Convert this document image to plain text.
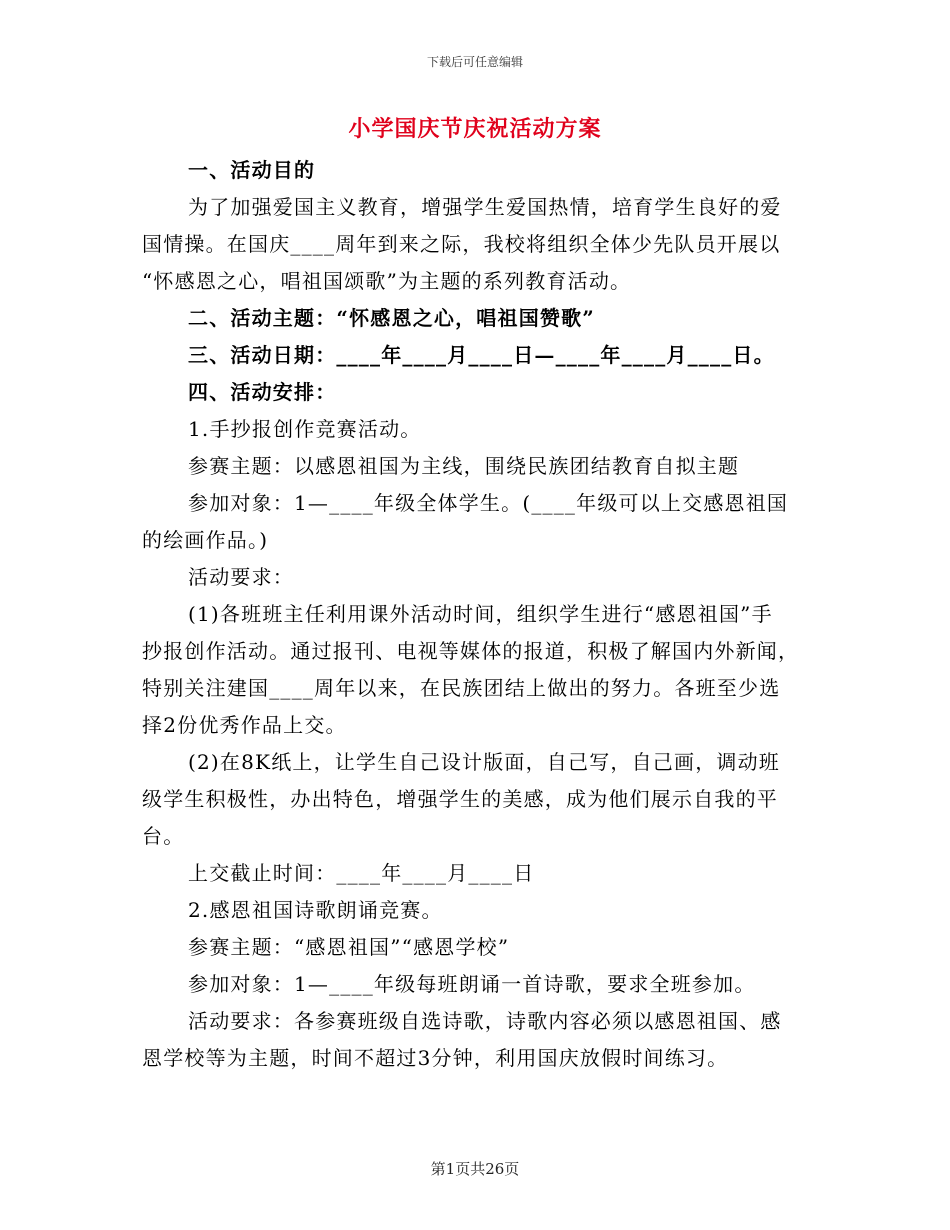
下载后可任意编辑
小学国庆节庆祝活动方案
一、活动目的
为了加强爱国主义教育，增强学生爱国热情，培育学生良好的爱
国情操。在国庆____周年到来之际，我校将组织全体少先队员开展以
“怀感恩之心，唱祖国颂歌”为主题的系列教育活动。
二、活动主题：“怀感恩之心，唱祖国赞歌”
三、活动日期：____年____月____日—____年____月____日。
四、活动安排：
1.手抄报创作竞赛活动。
参赛主题：以感恩祖国为主线，围绕民族团结教育自拟主题
参加对象：1—____年级全体学生。(____年级可以上交感恩祖国
的绘画作品。)
活动要求：
(1)各班班主任利用课外活动时间，组织学生进行“感恩祖国”手
抄报创作活动。通过报刊、电视等媒体的报道，积极了解国内外新闻，
特别关注建国____周年以来，在民族团结上做出的努力。各班至少选
择2份优秀作品上交。
(2)在8K纸上，让学生自己设计版面，自己写，自己画，调动班
级学生积极性，办出特色，增强学生的美感，成为他们展示自我的平
台。
上交截止时间：____年____月____日
2.感恩祖国诗歌朗诵竞赛。
参赛主题：“感恩祖国”“感恩学校”
参加对象：1—____年级每班朗诵一首诗歌，要求全班参加。
活动要求：各参赛班级自选诗歌，诗歌内容必须以感恩祖国、感
恩学校等为主题，时间不超过3分钟，利用国庆放假时间练习。
第1页共26页
